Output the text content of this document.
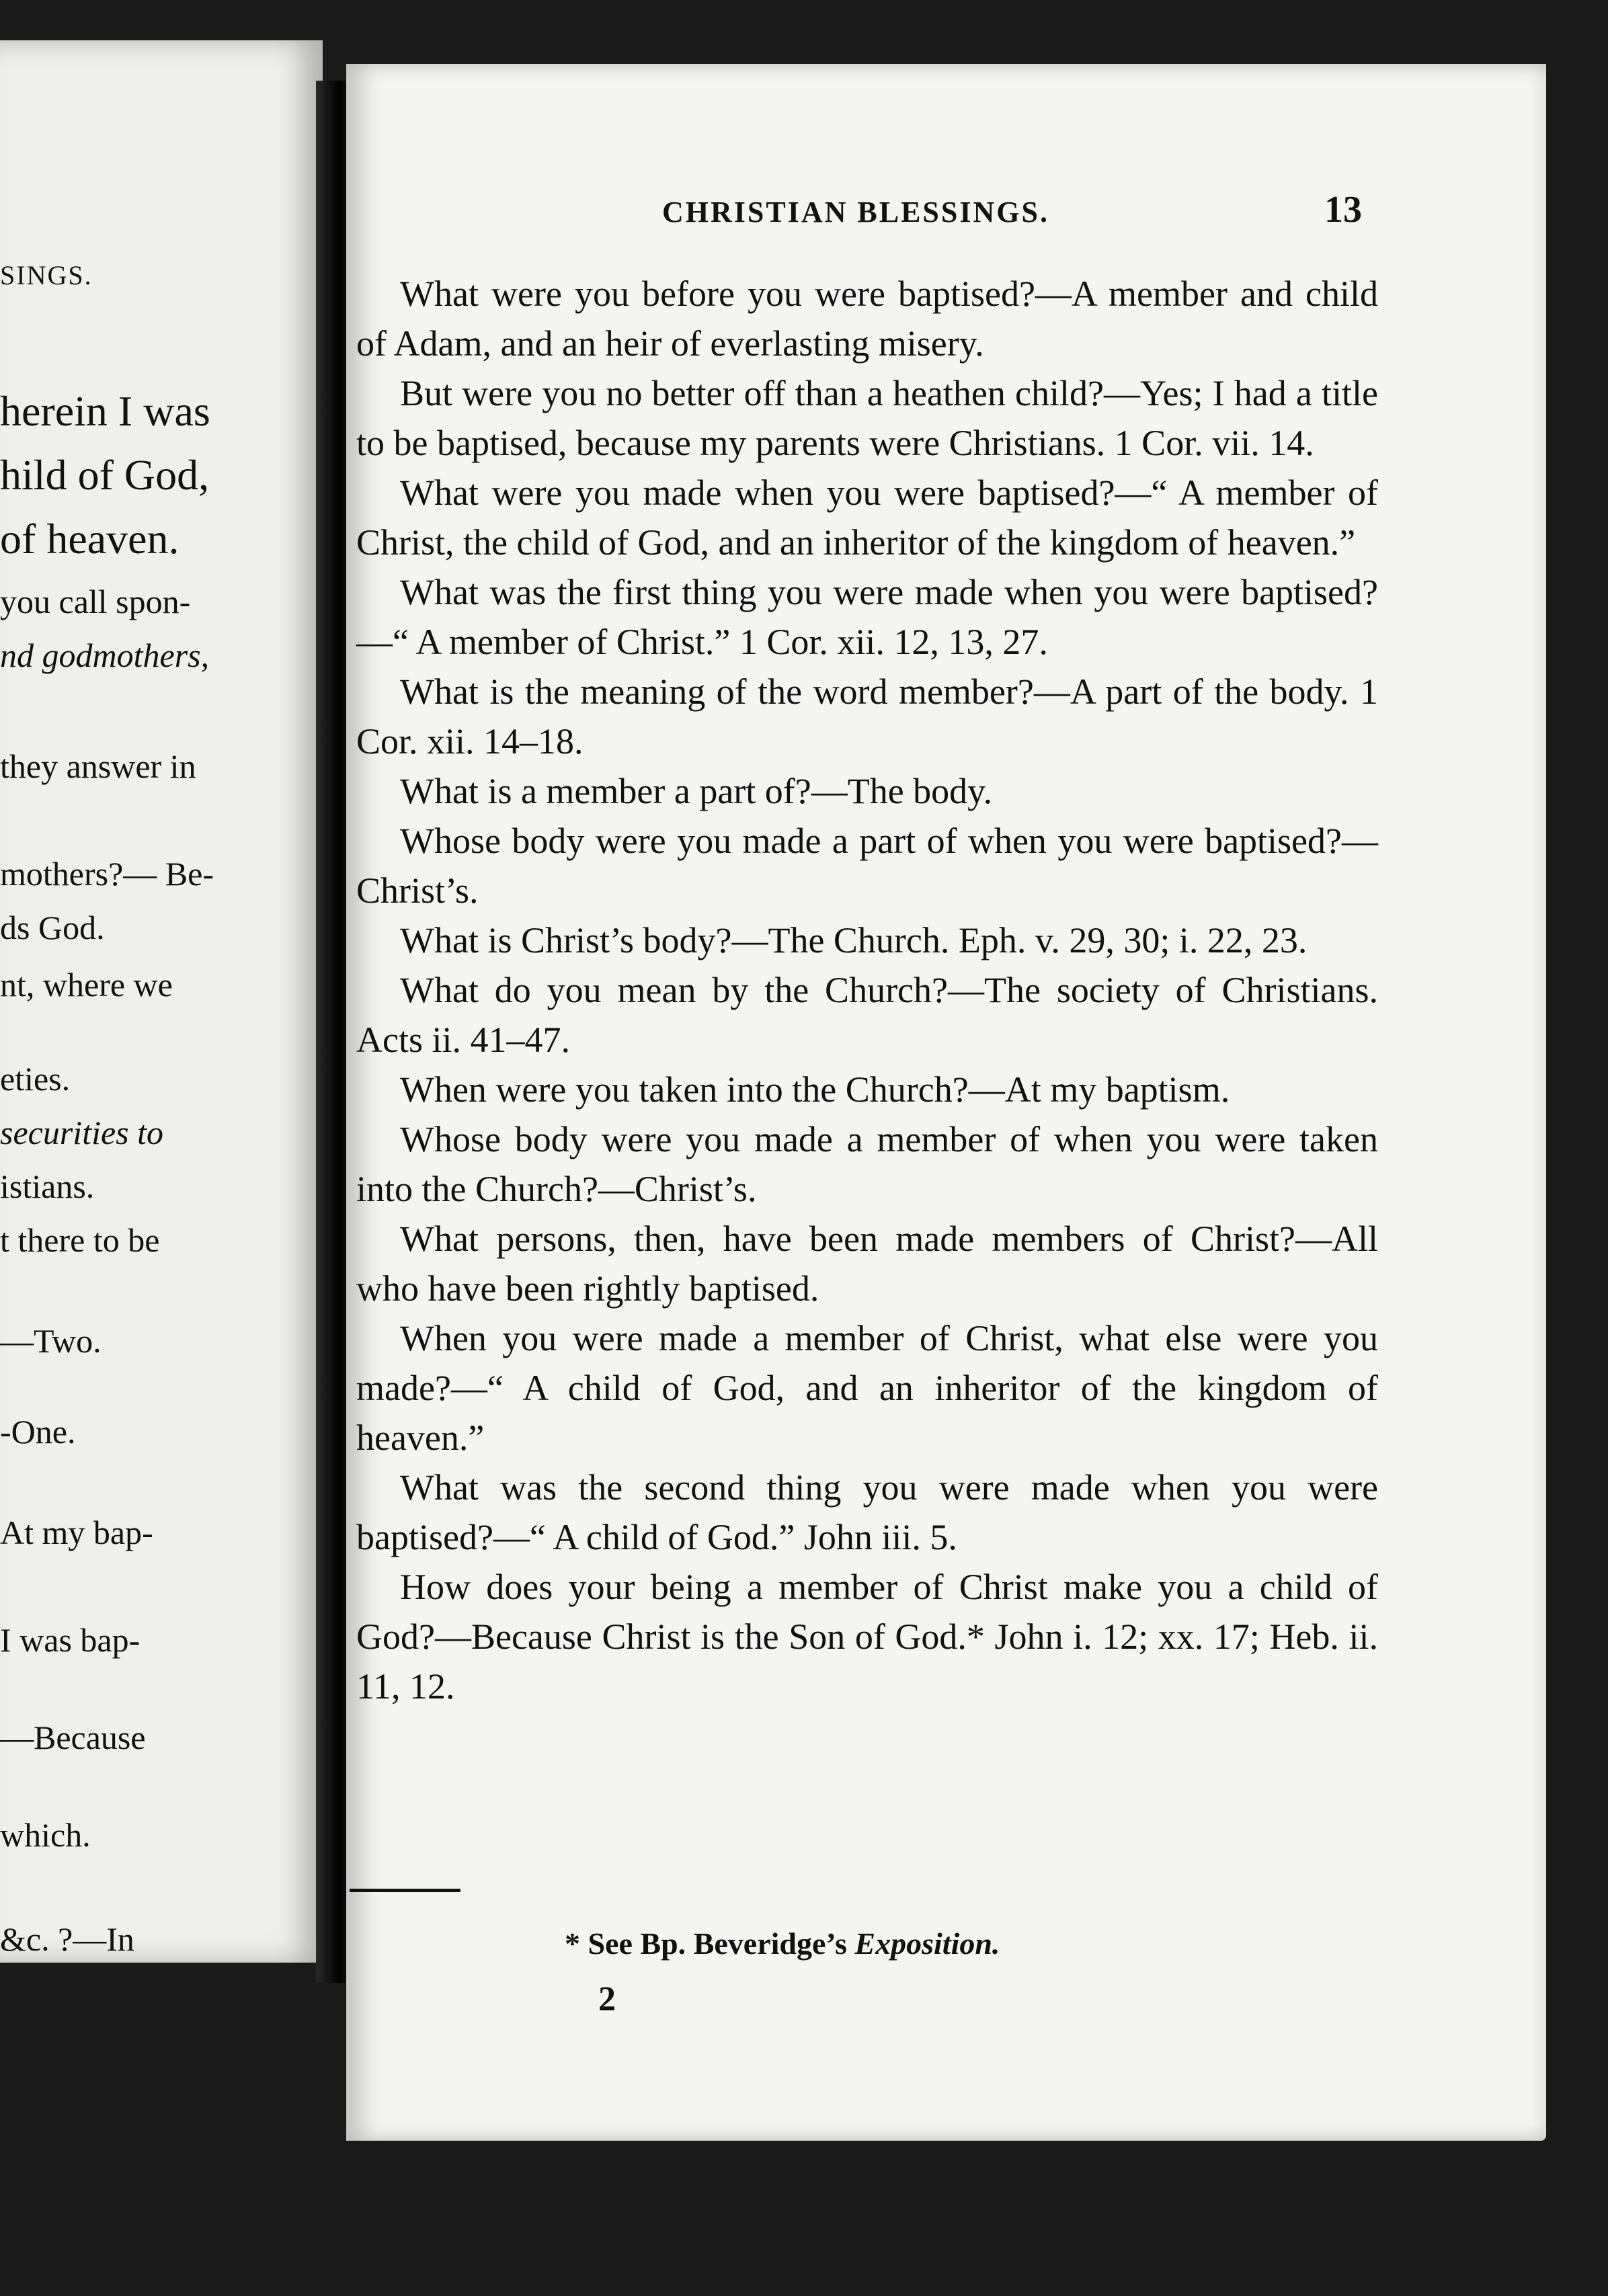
SINGS.
herein I was
hild of God,
of heaven.
you call spon-
nd godmothers,
they answer in
mothers?— Be-
ds God.
nt, where we
eties.
securities to
istians.
t there to be
—Two.
-One.
At my bap-
I was bap-
—Because
which.
&c. ?—In
CHRISTIAN BLESSINGS.	13

What were you before you were baptised?—A member and child of Adam, and an heir of everlasting misery.

But were you no better off than a heathen child?—Yes; I had a title to be baptised, because my parents were Christians. 1 Cor. vii. 14.

What were you made when you were baptised?—“ A member of Christ, the child of God, and an inheritor of the kingdom of heaven.”

What was the first thing you were made when you were baptised?—“ A member of Christ.” 1 Cor. xii. 12, 13, 27.

What is the meaning of the word member?—A part of the body. 1 Cor. xii. 14–18.

What is a member a part of?—The body.

Whose body were you made a part of when you were baptised?—Christ’s.

What is Christ’s body?—The Church. Eph. v. 29, 30; i. 22, 23.

What do you mean by the Church?—The society of Christians. Acts ii. 41–47.

When were you taken into the Church?—At my baptism.

Whose body were you made a member of when you were taken into the Church?—Christ’s.

What persons, then, have been made members of Christ?—All who have been rightly baptised.

When you were made a member of Christ, what else were you made?—“ A child of God, and an inheritor of the kingdom of heaven.”

What was the second thing you were made when you were baptised?—“ A child of God.” John iii. 5.

How does your being a member of Christ make you a child of God?—Because Christ is the Son of God.* John i. 12; xx. 17; Heb. ii. 11, 12.

* See Bp. Beveridge’s Exposition.
2
